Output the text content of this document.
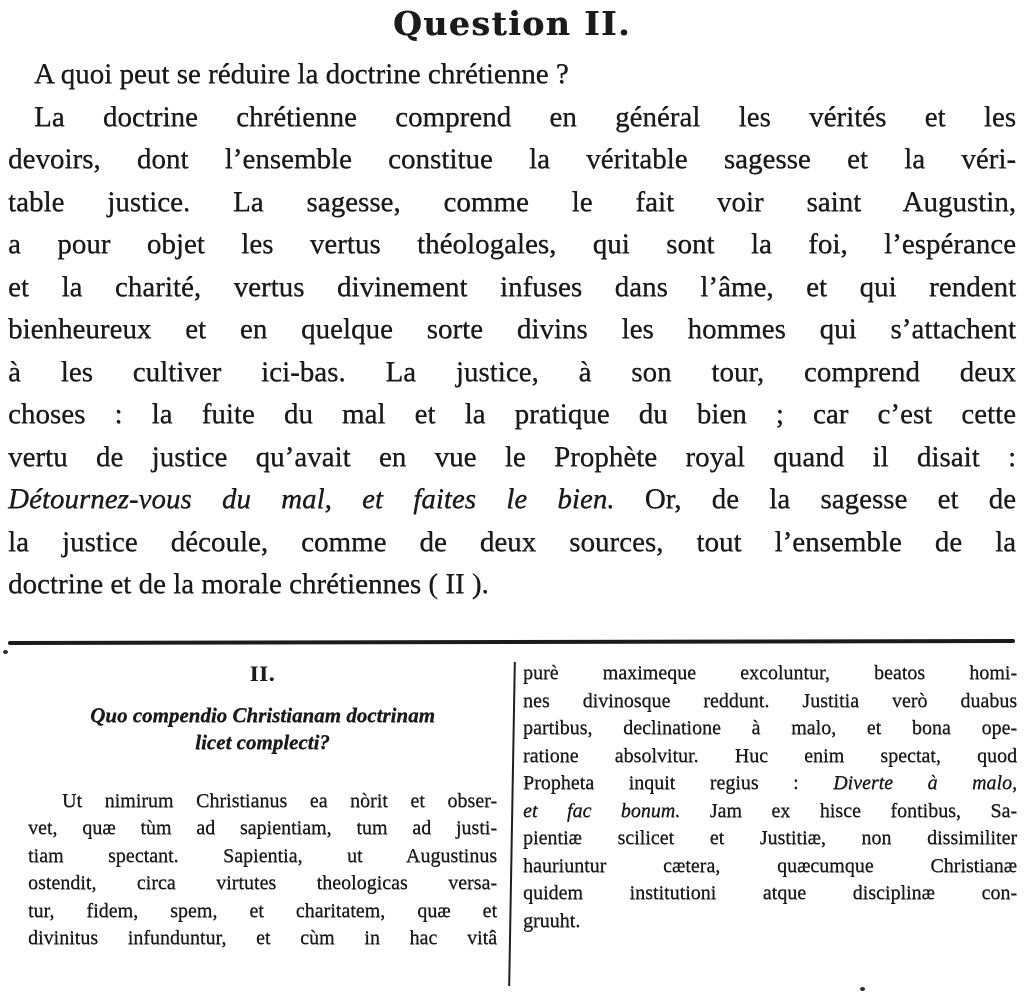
Question II.
A quoi peut se réduire la doctrine chrétienne ?
La doctrine chrétienne comprend en général les vérités et les
devoirs, dont l’ensemble constitue la véritable sagesse et la véri-
table justice. La sagesse, comme le fait voir saint Augustin,
a pour objet les vertus théologales, qui sont la foi, l’espérance
et la charité, vertus divinement infuses dans l’âme, et qui rendent
bienheureux et en quelque sorte divins les hommes qui s’attachent
à les cultiver ici-bas. La justice, à son tour, comprend deux
choses : la fuite du mal et la pratique du bien ; car c’est cette
vertu de justice qu’avait en vue le Prophète royal quand il disait :
Détournez-vous du mal, et faites le bien. Or, de la sagesse et de
la justice découle, comme de deux sources, tout l’ensemble de la
doctrine et de la morale chrétiennes ( II ).
II.
Quo compendio Christianam doctrinam
licet complecti?
Ut nimirum Christianus ea nòrit et obser-
vet, quæ tùm ad sapientiam, tum ad justi-
tiam spectant. Sapientia, ut Augustinus
ostendit, circa virtutes theologicas versa-
tur, fidem, spem, et charitatem, quæ et
divinitus infunduntur, et cùm in hac vitâ
purè maximeque excoluntur, beatos homi-
nes divinosque reddunt. Justitia verò duabus
partibus, declinatione à malo, et bona ope-
ratione absolvitur. Huc enim spectat, quod
Propheta inquit regius : Diverte à malo,
et fac bonum. Jam ex hisce fontibus, Sa-
pientiæ scilicet et Justitiæ, non dissimiliter
hauriuntur cætera, quæcumque Christianæ
quidem institutioni atque disciplinæ con-
gruuht.
